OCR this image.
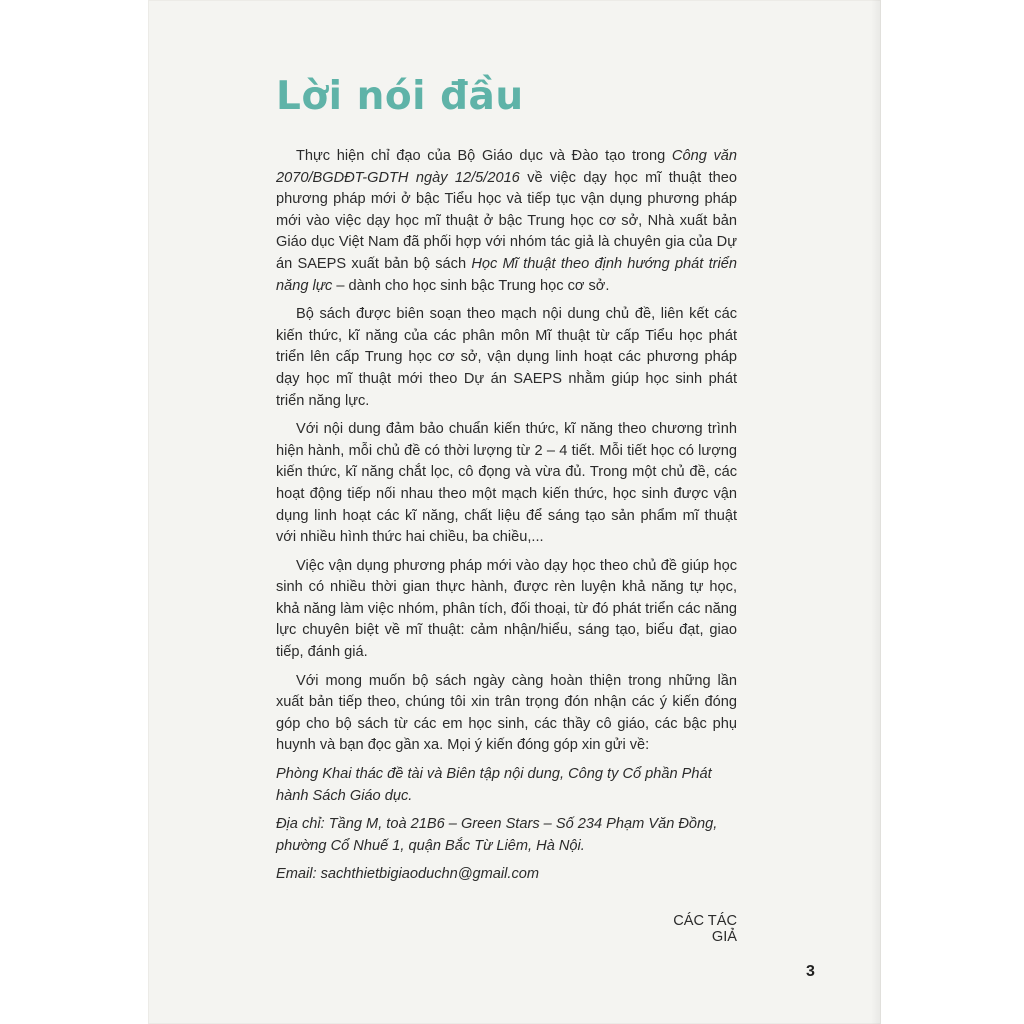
Lời nói đầu

Thực hiện chỉ đạo của Bộ Giáo dục và Đào tạo trong Công văn 2070/BGDĐT-GDTH ngày 12/5/2016 về việc dạy học mĩ thuật theo phương pháp mới ở bậc Tiểu học và tiếp tục vận dụng phương pháp mới vào việc dạy học mĩ thuật ở bậc Trung học cơ sở, Nhà xuất bản Giáo dục Việt Nam đã phối hợp với nhóm tác giả là chuyên gia của Dự án SAEPS xuất bản bộ sách Học Mĩ thuật theo định hướng phát triển năng lực – dành cho học sinh bậc Trung học cơ sở.

Bộ sách được biên soạn theo mạch nội dung chủ đề, liên kết các kiến thức, kĩ năng của các phân môn Mĩ thuật từ cấp Tiểu học phát triển lên cấp Trung học cơ sở, vận dụng linh hoạt các phương pháp dạy học mĩ thuật mới theo Dự án SAEPS nhằm giúp học sinh phát triển năng lực.

Với nội dung đảm bảo chuẩn kiến thức, kĩ năng theo chương trình hiện hành, mỗi chủ đề có thời lượng từ 2 – 4 tiết. Mỗi tiết học có lượng kiến thức, kĩ năng chắt lọc, cô đọng và vừa đủ. Trong một chủ đề, các hoạt động tiếp nối nhau theo một mạch kiến thức, học sinh được vận dụng linh hoạt các kĩ năng, chất liệu để sáng tạo sản phẩm mĩ thuật với nhiều hình thức hai chiều, ba chiều,...

Việc vận dụng phương pháp mới vào dạy học theo chủ đề giúp học sinh có nhiều thời gian thực hành, được rèn luyện khả năng tự học, khả năng làm việc nhóm, phân tích, đối thoại, từ đó phát triển các năng lực chuyên biệt về mĩ thuật: cảm nhận/hiểu, sáng tạo, biểu đạt, giao tiếp, đánh giá.

Với mong muốn bộ sách ngày càng hoàn thiện trong những lần xuất bản tiếp theo, chúng tôi xin trân trọng đón nhận các ý kiến đóng góp cho bộ sách từ các em học sinh, các thầy cô giáo, các bậc phụ huynh và bạn đọc gần xa. Mọi ý kiến đóng góp xin gửi về:

Phòng Khai thác đề tài và Biên tập nội dung, Công ty Cổ phần Phát hành Sách Giáo dục.

Địa chỉ: Tầng M, toà 21B6 – Green Stars – Số 234 Phạm Văn Đồng, phường Cổ Nhuế 1, quận Bắc Từ Liêm, Hà Nội.

Email: sachthietbigiaoduchn@gmail.com

CÁC TÁC GIẢ
3
